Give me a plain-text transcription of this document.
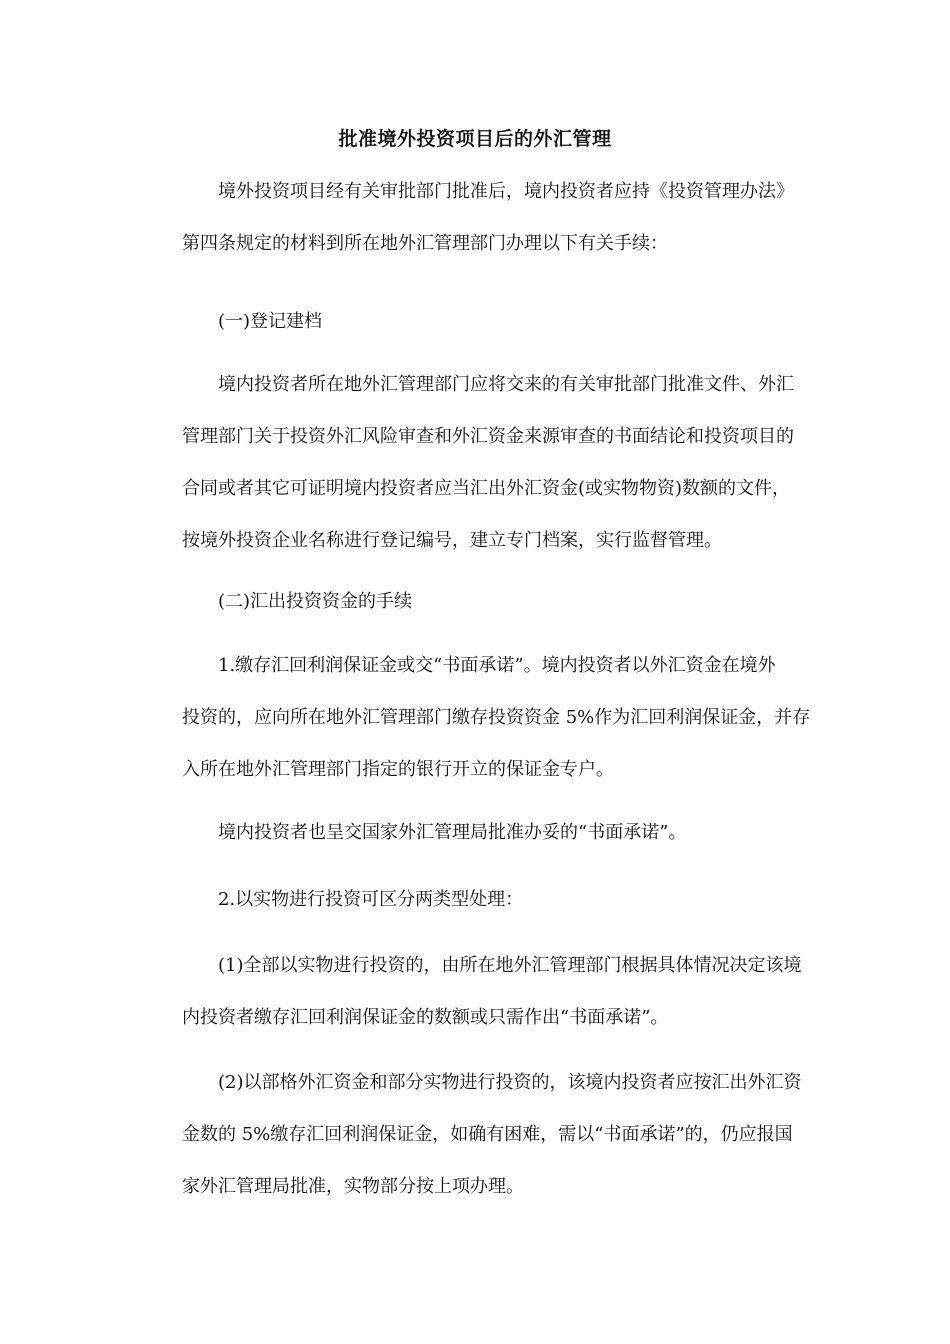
批准境外投资项目后的外汇管理
境外投资项目经有关审批部门批准后，境内投资者应持《投资管理办法》
第四条规定的材料到所在地外汇管理部门办理以下有关手续：
(一)登记建档
境内投资者所在地外汇管理部门应将交来的有关审批部门批准文件、外汇
管理部门关于投资外汇风险审查和外汇资金来源审查的书面结论和投资项目的
合同或者其它可证明境内投资者应当汇出外汇资金(或实物物资)数额的文件，
按境外投资企业名称进行登记编号，建立专门档案，实行监督管理。
(二)汇出投资资金的手续
1.缴存汇回利润保证金或交“书面承诺”。境内投资者以外汇资金在境外
投资的，应向所在地外汇管理部门缴存投资资金 5%作为汇回利润保证金，并存
入所在地外汇管理部门指定的银行开立的保证金专户。
境内投资者也呈交国家外汇管理局批准办妥的“书面承诺”。
2.以实物进行投资可区分两类型处理：
(1)全部以实物进行投资的，由所在地外汇管理部门根据具体情况决定该境
内投资者缴存汇回利润保证金的数额或只需作出“书面承诺”。
(2)以部格外汇资金和部分实物进行投资的，该境内投资者应按汇出外汇资
金数的 5%缴存汇回利润保证金，如确有困难，需以“书面承诺”的，仍应报国
家外汇管理局批准，实物部分按上项办理。
